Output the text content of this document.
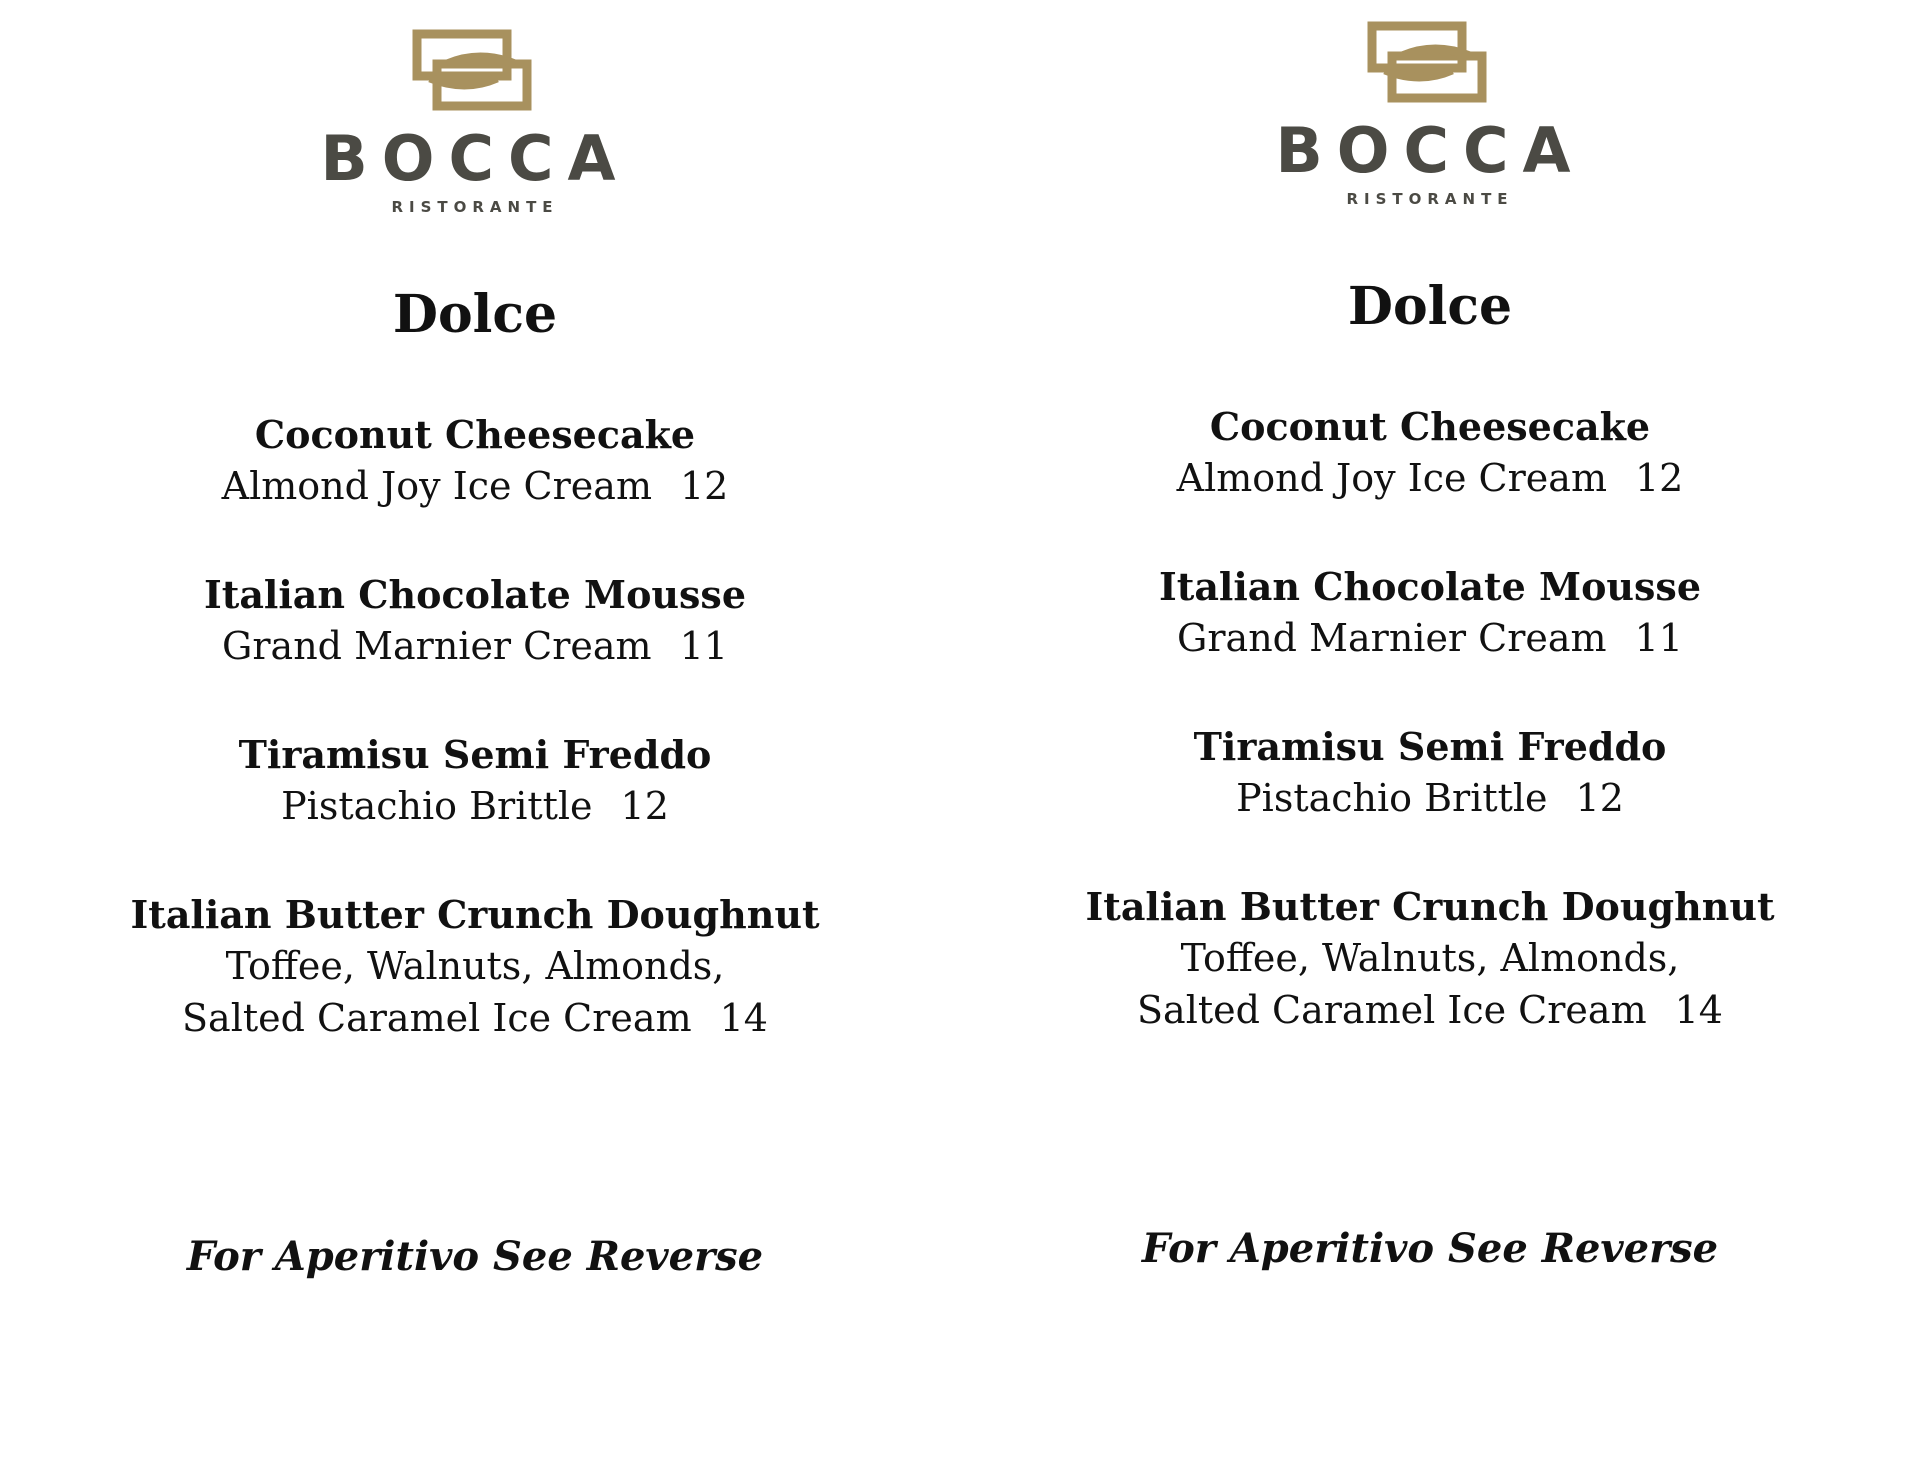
BOCCA
RISTORANTE
Dolce
Coconut Cheesecake
Almond Joy Ice Cream 12
Italian Chocolate Mousse
Grand Marnier Cream 11
Tiramisu Semi Freddo
Pistachio Brittle 12
Italian Butter Crunch Doughnut
Toffee, Walnuts, Almonds,
Salted Caramel Ice Cream 14
For Aperitivo See Reverse
BOCCA
RISTORANTE
Dolce
Coconut Cheesecake
Almond Joy Ice Cream 12
Italian Chocolate Mousse
Grand Marnier Cream 11
Tiramisu Semi Freddo
Pistachio Brittle 12
Italian Butter Crunch Doughnut
Toffee, Walnuts, Almonds,
Salted Caramel Ice Cream 14
For Aperitivo See Reverse
